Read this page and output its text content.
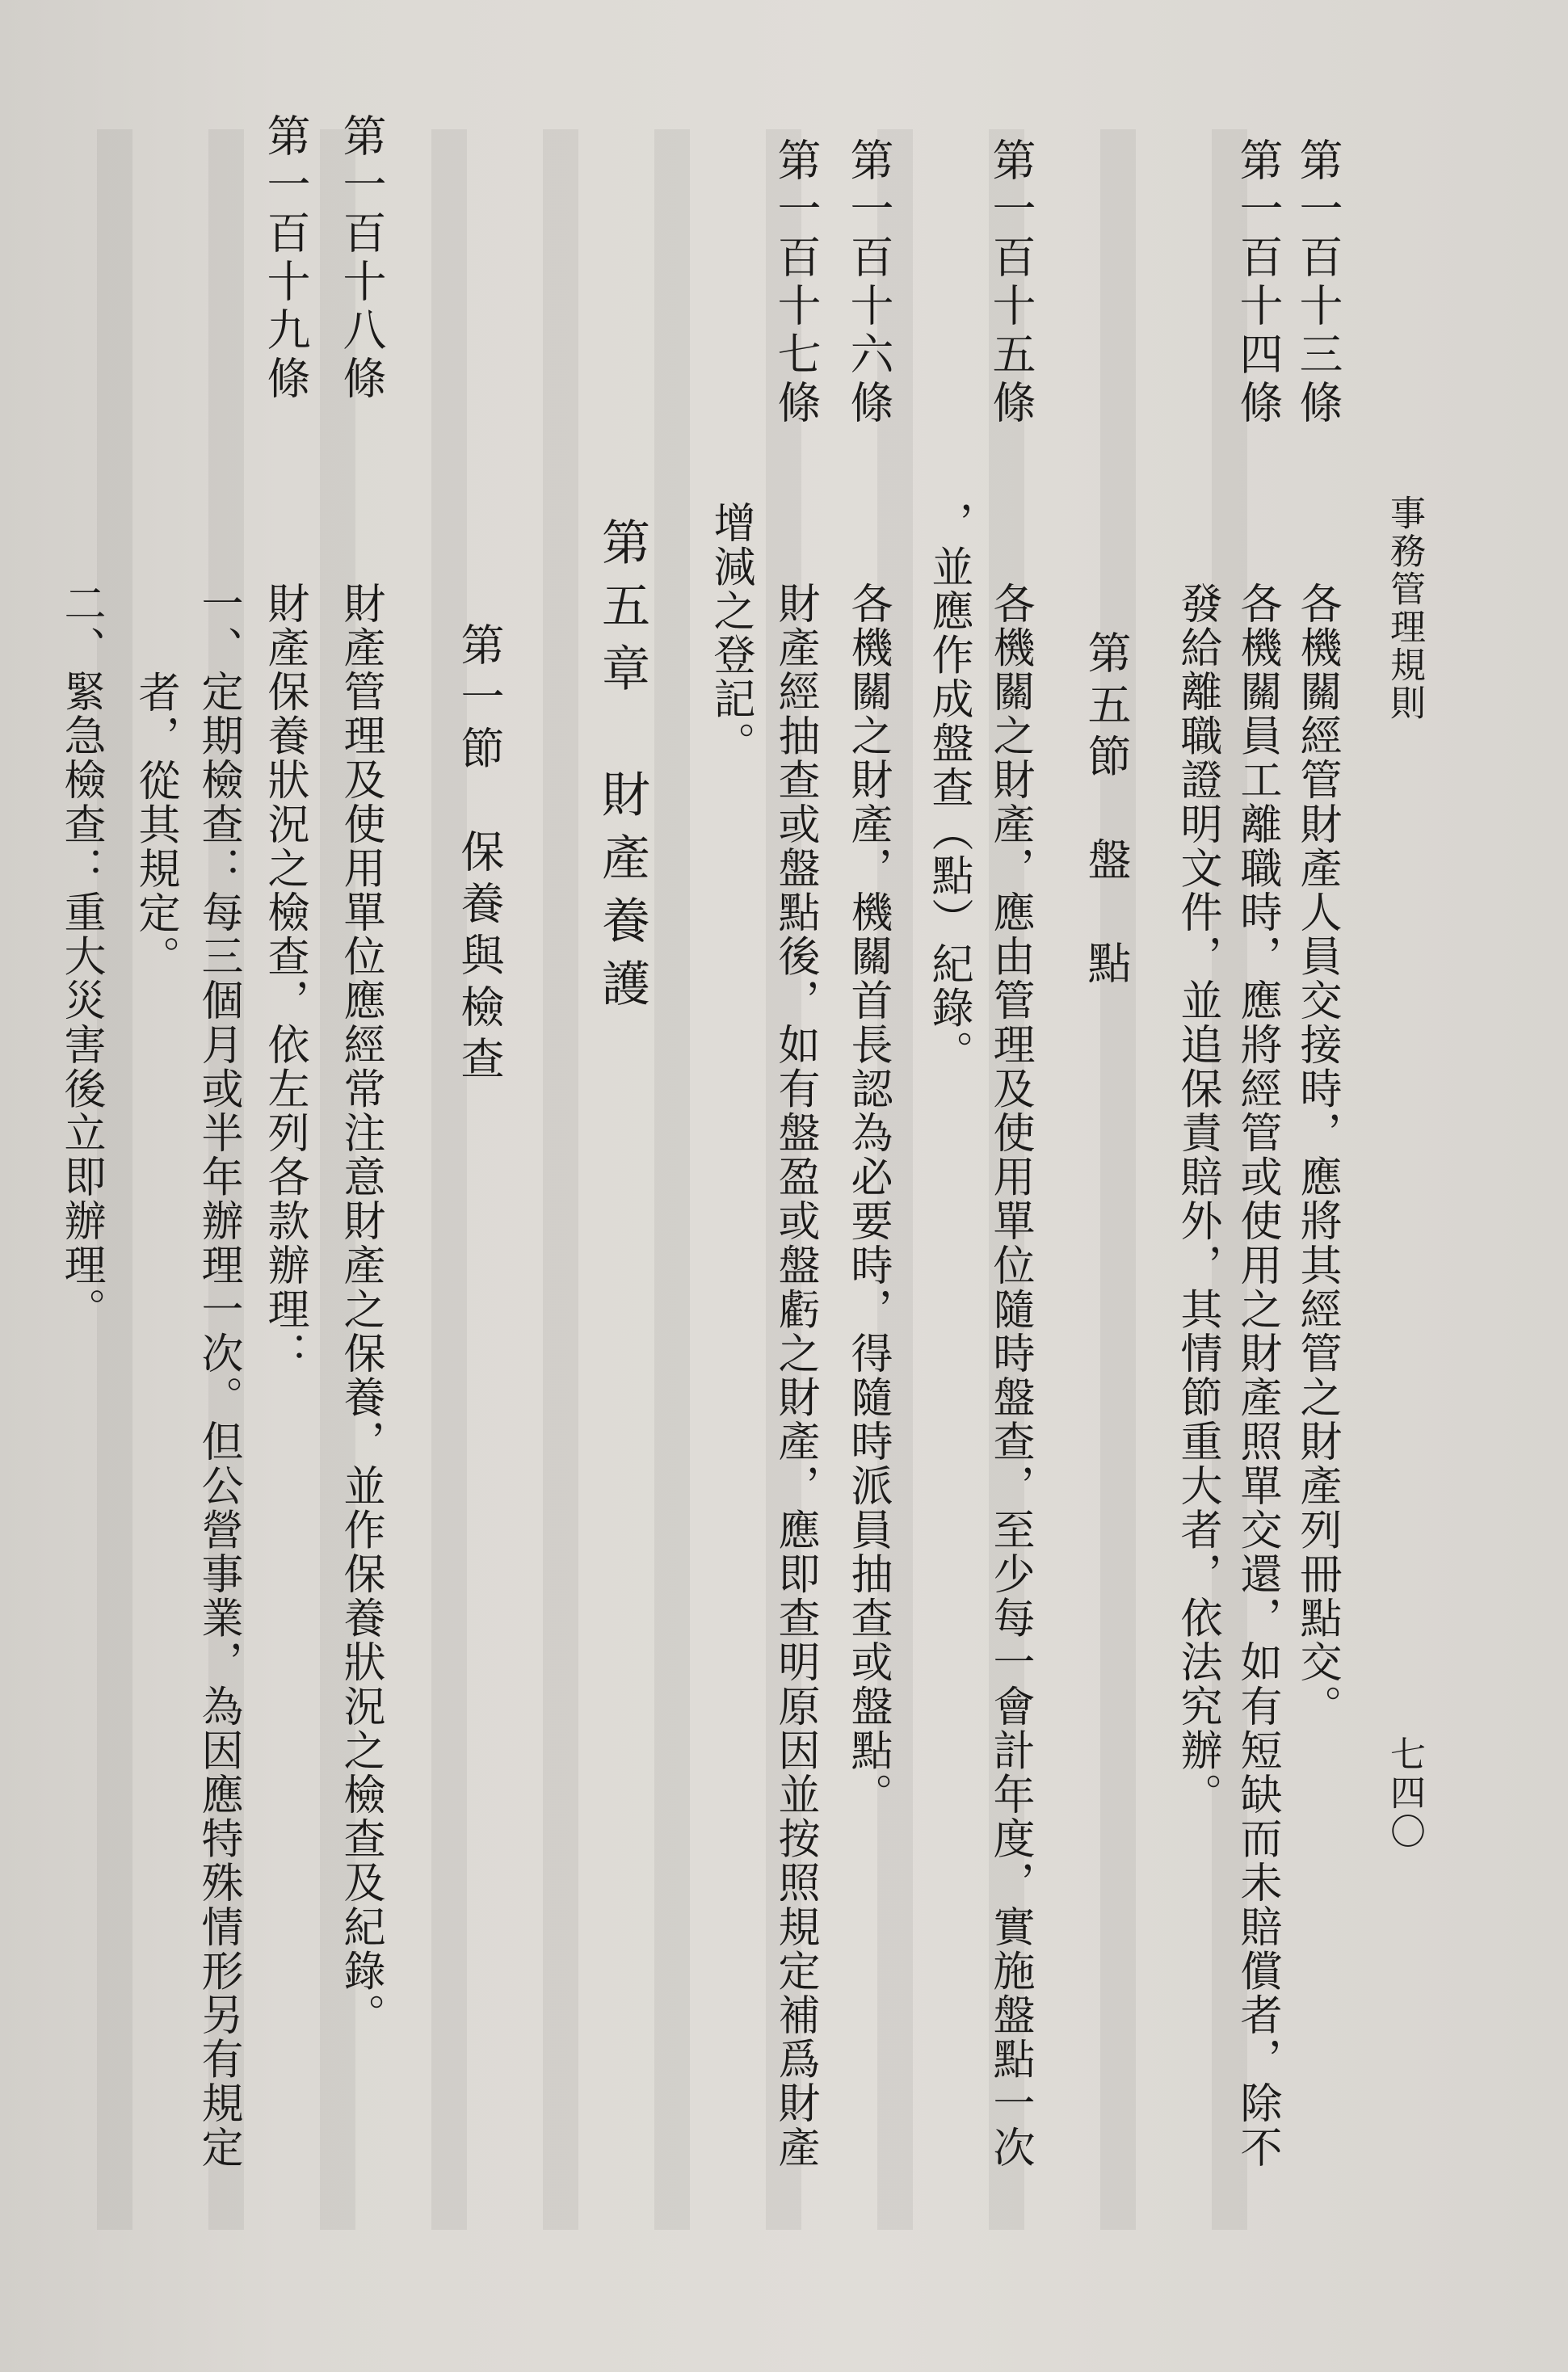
事務管理規則
七四〇
第一百十三條
各機關經管財產人員交接時，應將其經管之財產列冊點交。
第一百十四條
各機關員工離職時，應將經管或使用之財產照單交還，如有短缺而未賠償者，除不
發給離職證明文件，並追保責賠外，其情節重大者，依法究辦。
第五節　盤　點
第一百十五條
各機關之財產，應由管理及使用單位隨時盤查，至少每一會計年度，實施盤點一次
，並應作成盤查（點）紀錄。
第一百十六條
各機關之財產，機關首長認為必要時，得隨時派員抽查或盤點。
第一百十七條
財產經抽查或盤點後，如有盤盈或盤虧之財產，應即查明原因並按照規定補爲財產
增減之登記。
第五章　財產養護
第一節　保養與檢查
第一百十八條
財產管理及使用單位應經常注意財產之保養，並作保養狀況之檢查及紀錄。
第一百十九條
財產保養狀況之檢查，依左列各款辦理：
一、定期檢查：每三個月或半年辦理一次。但公營事業，為因應特殊情形另有規定
者，從其規定。
二、緊急檢查：重大災害後立即辦理。
